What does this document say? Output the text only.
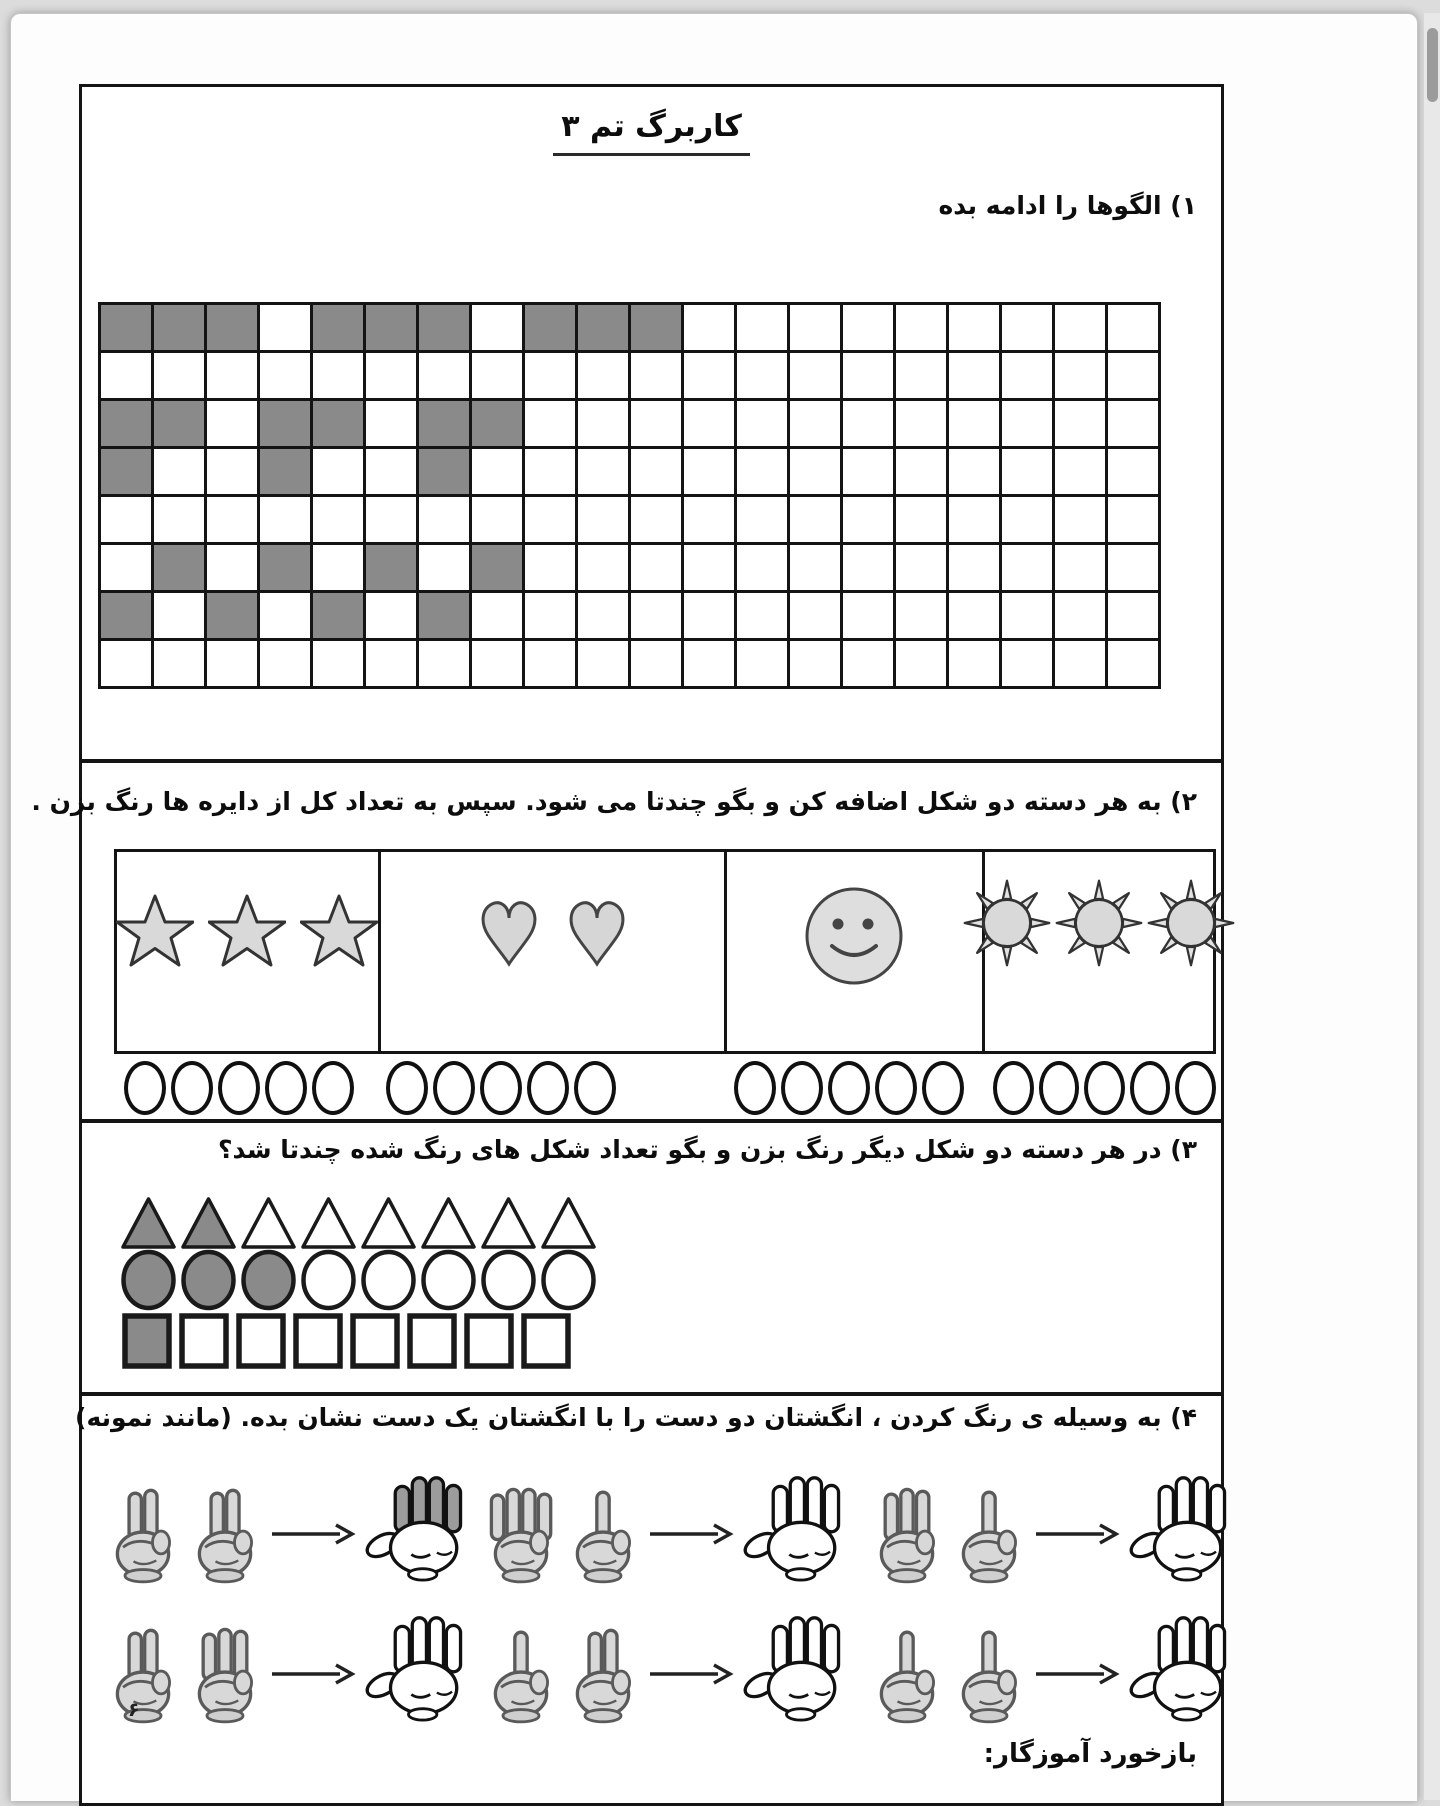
کاربرگ تم ۳
۱) الگوها را ادامه بده
۲) به هر دسته دو شکل اضافه کن و بگو چندتا می شود. سپس به تعداد کل از دایره ها رنگ بزن .
۳) در هر دسته دو شکل دیگر رنگ بزن و بگو تعداد شکل های رنگ شده چندتا شد؟
۴) به وسیله ی رنگ کردن ، انگشتان دو دست را با انگشتان یک دست نشان بده. (مانند نمونه)
۶
بازخورد آموزگار:
